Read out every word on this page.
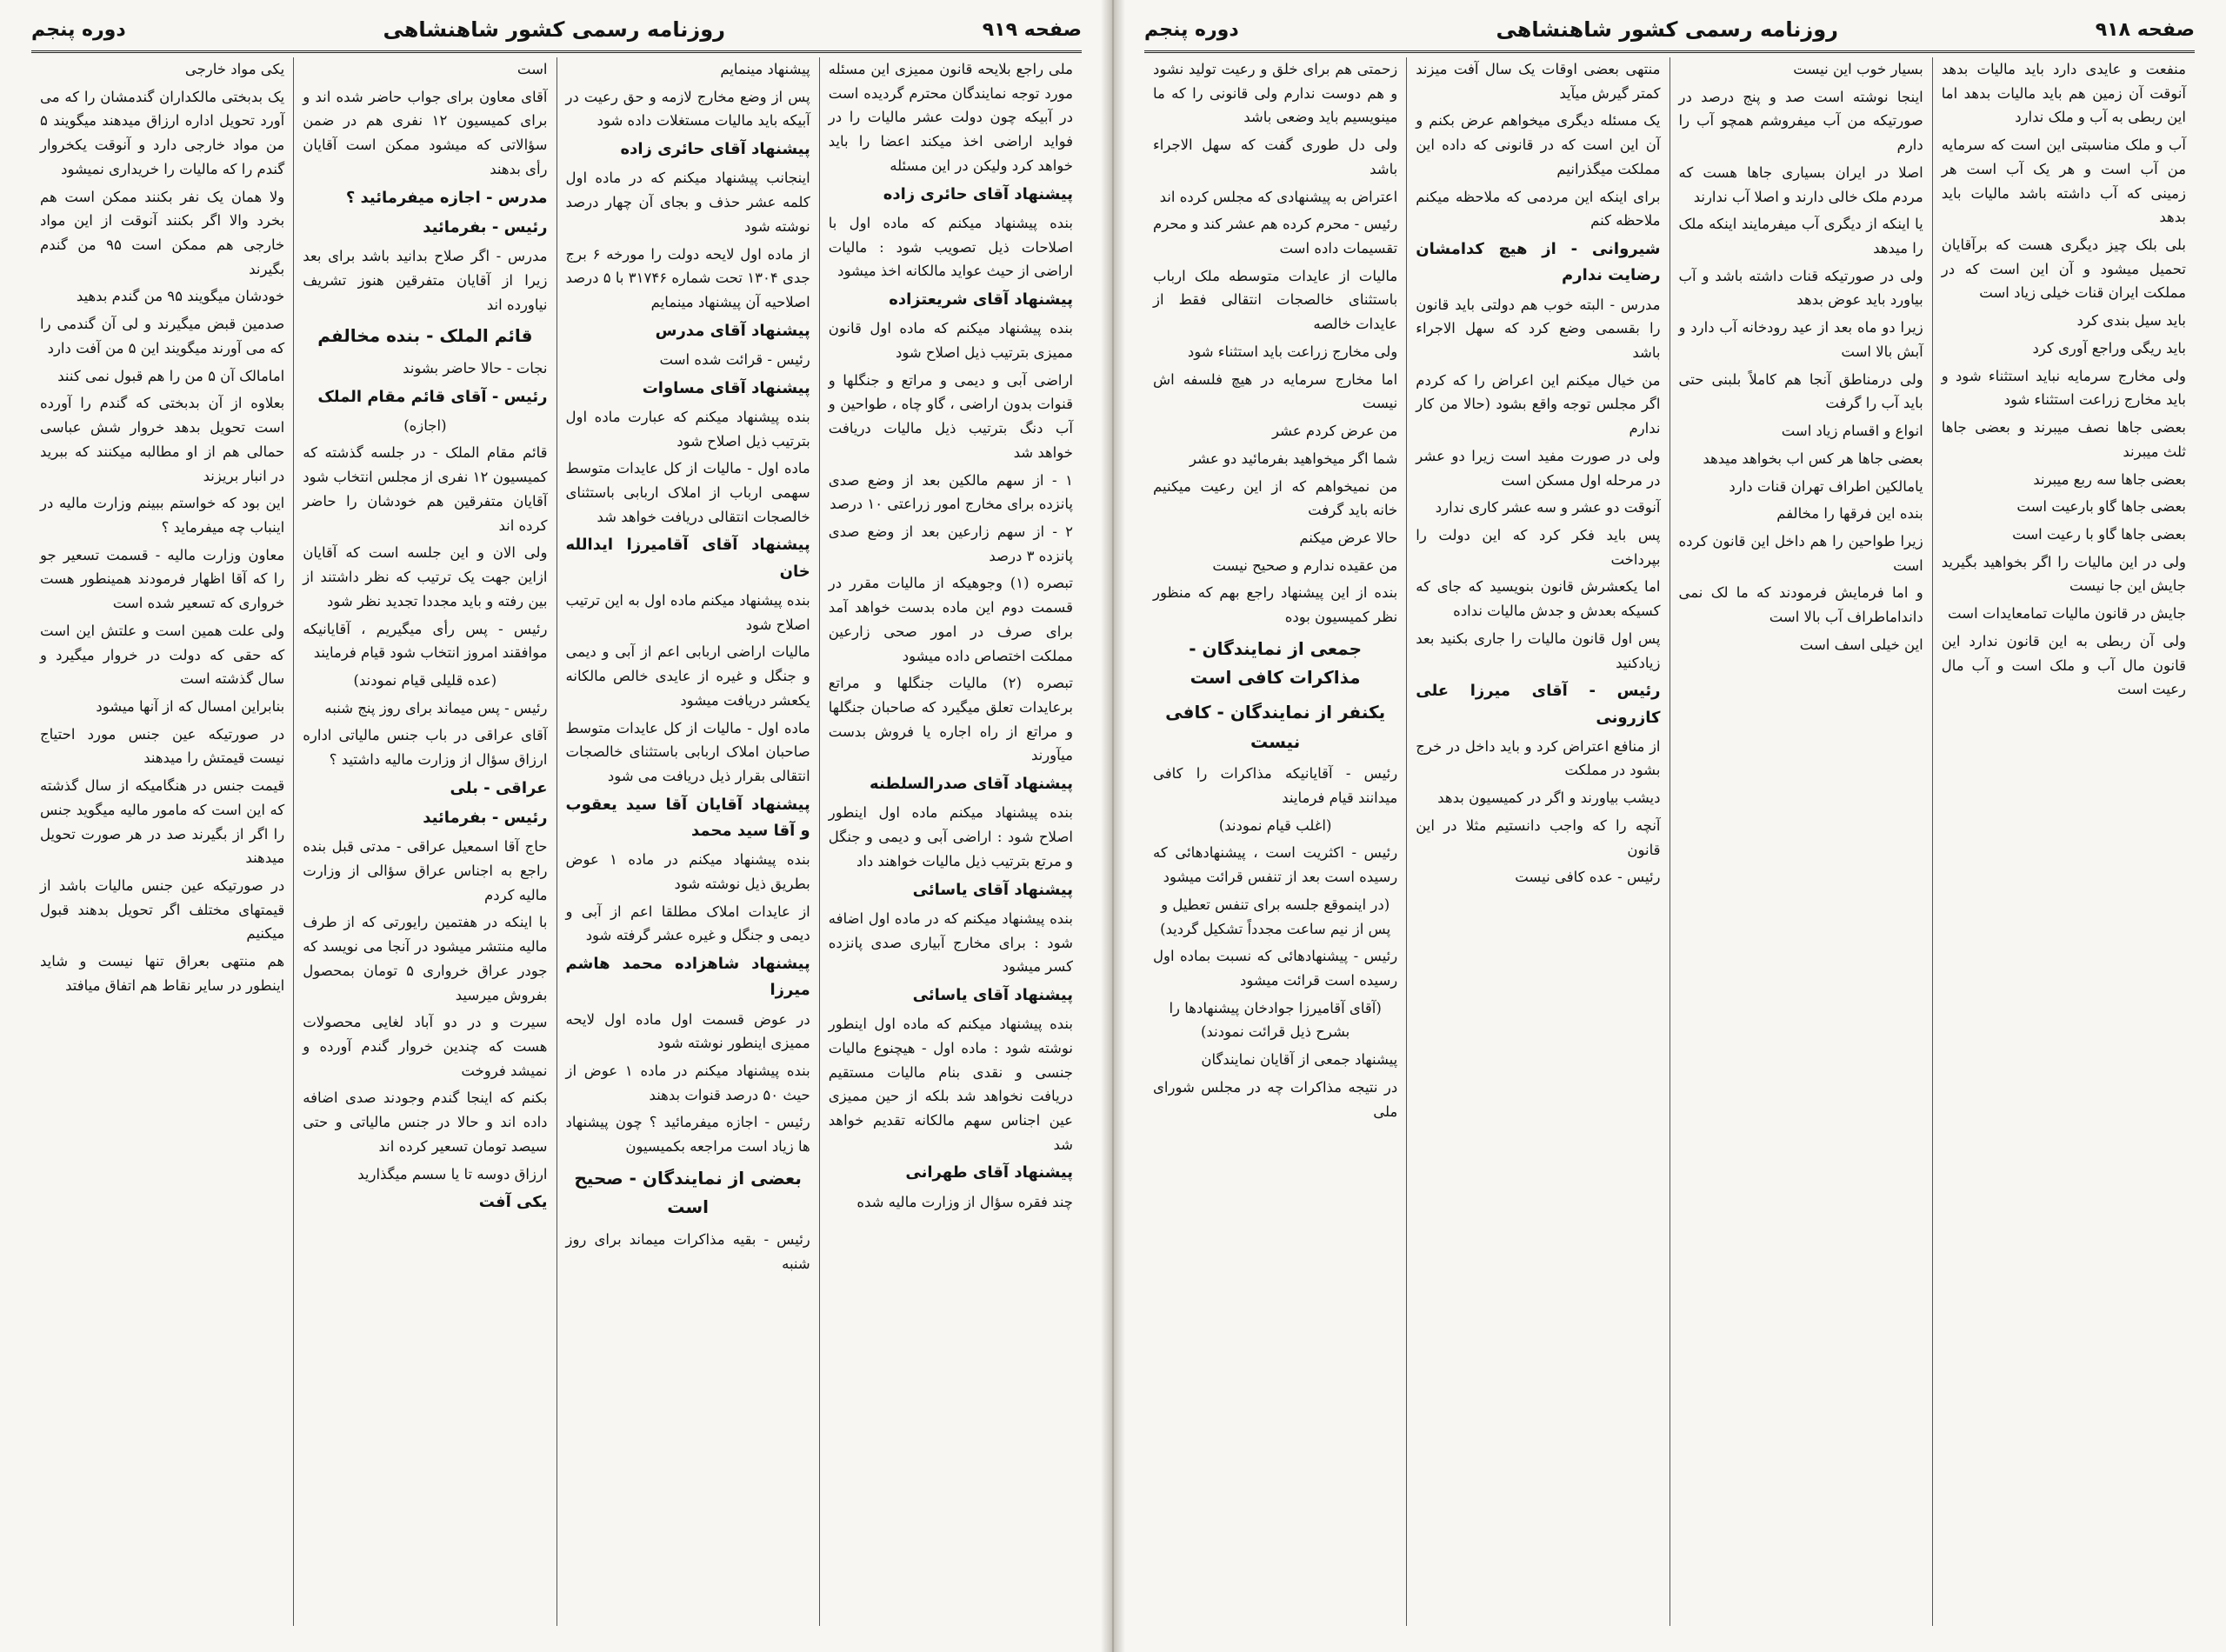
صفحه ۹۱۹
روزنامه رسمی کشور شاهنشاهی
دوره پنجم

ملی راجع بلایحه قانون ممیزی این مسئله مورد توجه نمایندگان محترم گردیده است در آبیکه چون دولت عشر مالیات را در فواید اراضی اخذ میکند اعضا را باید خواهد کرد ولیکن در این مسئله

پیشنهاد آقای حائری زاده

بنده پیشنهاد میکنم که ماده اول با اصلاحات ذیل تصویب شود : مالیات اراضی از حیث عواید مالکانه اخذ میشود

پیشنهاد آقای شریعتزاده

بنده پیشنهاد میکنم که ماده اول قانون ممیزی بترتیب ذیل اصلاح شود

اراضی آبی و دیمی و مراتع و جنگلها و قنوات بدون اراضی ، گاو چاه ، طواحین و آب دنگ بترتیب ذیل مالیات دریافت خواهد شد

۱ - از سهم مالکین بعد از وضع صدی پانزده برای مخارج امور زراعتی ۱۰ درصد

۲ - از سهم زارعین بعد از وضع صدی پانزده ۳ درصد

تبصره (۱) وجوهیکه از مالیات مقرر در قسمت دوم این ماده بدست خواهد آمد برای صرف در امور صحی زارعین مملکت اختصاص داده میشود

تبصره (۲) مالیات جنگلها و مراتع برعایدات تعلق میگیرد که صاحبان جنگلها و مراتع از راه اجاره یا فروش بدست میآورند

پیشنهاد آقای صدرالسلطنه

بنده پیشنهاد میکنم ماده اول اینطور اصلاح شود : اراضی آبی و دیمی و جنگل و مرتع بترتیب ذیل مالیات خواهند داد

پیشنهاد آقای یاسائی

بنده پیشنهاد میکنم که در ماده اول اضافه شود : برای مخارج آبیاری صدی پانزده کسر میشود

پیشنهاد آقای یاسائی

بنده پیشنهاد میکنم که ماده اول اینطور نوشته شود : ماده اول - هیچنوع مالیات جنسی و نقدی بنام مالیات مستقیم دریافت نخواهد شد بلکه از حین ممیزی عین اجناس سهم مالکانه تقدیم خواهد شد

پیشنهاد آقای طهرانی

چند فقره سؤال از وزارت مالیه شده

پیشنهاد مینمایم

پس از وضع مخارج لازمه و حق رعیت در آبیکه باید مالیات مستغلات داده شود

پیشنهاد آقای حائری زاده

اینجانب پیشنهاد میکنم که در ماده اول کلمه عشر حذف و بجای آن چهار درصد نوشته شود

از ماده اول لایحه دولت را مورخه ۶ برج جدی ۱۳۰۴ تحت شماره ۳۱۷۴۶ با ۵ درصد اصلاحیه آن پیشنهاد مینمایم

پیشنهاد آقای مدرس

رئیس - قرائت شده است

پیشنهاد آقای مساوات

بنده پیشنهاد میکنم که عبارت ماده اول بترتیب ذیل اصلاح شود

ماده اول - مالیات از کل عایدات متوسط سهمی ارباب از املاک اربابی باستثنای خالصجات انتقالی دریافت خواهد شد

پیشنهاد آقای آقامیرزا ایدالله خان

بنده پیشنهاد میکنم ماده اول به این ترتیب اصلاح شود

مالیات اراضی اربابی اعم از آبی و دیمی و جنگل و غیره از عایدی خالص مالکانه یکعشر دریافت میشود

ماده اول - مالیات از کل عایدات متوسط صاحبان املاک اربابی باستثنای خالصجات انتقالی بقرار ذیل دریافت می شود

پیشنهاد آقایان آقا سید یعقوب و آقا سید محمد

بنده پیشنهاد میکنم در ماده ۱ عوض بطریق ذیل نوشته شود

از عایدات املاک مطلقا اعم از آبی و دیمی و جنگل و غیره عشر گرفته شود

پیشنهاد شاهزاده محمد هاشم میرزا

در عوض قسمت اول ماده اول لایحه ممیزی اینطور نوشته شود

بنده پیشنهاد میکنم در ماده ۱ عوض از حیث ۵۰ درصد قنوات بدهند

رئیس - اجازه میفرمائید ؟ چون پیشنهاد ها زیاد است مراجعه بکمیسیون

بعضی از نمایندگان - صحیح است

رئیس - بقیه مذاکرات میماند برای روز شنبه

است

آقای معاون برای جواب حاضر شده اند و برای کمیسیون ۱۲ نفری هم در ضمن سؤالاتی که میشود ممکن است آقایان رأی بدهند

مدرس - اجازه میفرمائید ؟

رئیس - بفرمائید

مدرس - اگر صلاح بدانید باشد برای بعد زیرا از آقایان متفرقین هنوز تشریف نیاورده اند

قائم الملک - بنده مخالفم

نجات - حالا حاضر بشوند

رئیس - آقای قائم مقام الملک

(اجازه)

قائم مقام الملک - در جلسه گذشته که کمیسیون ۱۲ نفری از مجلس انتخاب شود آقایان متفرقین هم خودشان را حاضر کرده اند

ولی الان و این جلسه است که آقایان ازاین جهت یک ترتیب که نظر داشتند از بین رفته و باید مجددا تجدید نظر شود

رئیس - پس رأی میگیریم ، آقایانیکه موافقند امروز انتخاب شود قیام فرمایند

(عده قلیلی قیام نمودند)

رئیس - پس میماند برای روز پنج شنبه

آقای عراقی در باب جنس مالیاتی اداره ارزاق سؤال از وزارت مالیه داشتید ؟

عراقی - بلی

رئیس - بفرمائید

حاج آقا اسمعیل عراقی - مدتی قبل بنده راجع به اجناس عراق سؤالی از وزارت مالیه کردم

با اینکه در هفتمین رایورتی که از طرف مالیه منتشر میشود در آنجا می نویسد که جودر عراق خرواری ۵ تومان بمحصول بفروش میرسید

سیرت و در دو آباد لغایی محصولات هست که چندین خروار گندم آورده و نمیشد فروخت

بکنم که اینجا گندم وجودند صدی اضافه داده اند و حالا در جنس مالیاتی و حتی سیصد تومان تسعیر کرده اند

ارزاق دوسه تا یا سسم میگذارید

یکی آفت

یکی مواد خارجی

یک بدبختی مالکداران گندمشان را که می آورد تحویل اداره ارزاق میدهند میگویند ۵ من مواد خارجی دارد و آنوقت یکخروار گندم را که مالیات را خریداری نمیشود

ولا همان یک نفر بکنند ممکن است هم بخرد والا اگر بکنند آنوقت از این مواد خارجی هم ممکن است ۹۵ من گندم بگیرند

خودشان میگویند ۹۵ من گندم بدهید

صدمین قبض میگیرند و لی آن گندمی را که می آورند میگویند این ۵ من آفت دارد

امامالک آن ۵ من را هم قبول نمی کنند

بعلاوه از آن بدبختی که گندم را آورده است تحویل بدهد خروار شش عباسی حمالی هم از او مطالبه میکنند که ببرید در انبار بریزند

این بود که خواستم ببینم وزارت مالیه در اینباب چه میفرماید ؟

معاون وزارت مالیه - قسمت تسعیر جو را که آقا اظهار فرمودند همینطور هست خرواری که تسعیر شده است

ولی علت همین است و علتش این است که حقی که دولت در خروار میگیرد و سال گذشته است

بنابراین امسال که از آنها میشود

در صورتیکه عین جنس مورد احتیاج نیست قیمتش را میدهند

قیمت جنس در هنگامیکه از سال گذشته که این است که مامور مالیه میگوید جنس را اگر از بگیرند صد در هر صورت تحویل میدهند

در صورتیکه عین جنس مالیات باشد از قیمتهای مختلف اگر تحویل بدهند قبول میکنیم

هم منتهی بعراق تنها نیست و شاید اینطور در سایر نقاط هم اتفاق میافتد

صفحه ۹۱۸
روزنامه رسمی کشور شاهنشاهی
دوره پنجم

منفعت و عایدی دارد باید مالیات بدهد آنوقت آن زمین هم باید مالیات بدهد اما این ربطی به آب و ملک ندارد

آب و ملک مناسبتی این است که سرمایه من آب است و هر یک آب است هر زمینی که آب داشته باشد مالیات باید بدهد

بلی بلک چیز دیگری هست که برآقایان تحمیل میشود و آن این است که در مملکت ایران قنات خیلی زیاد است

باید سیل بندی کرد

باید ریگی وراجع آوری کرد

ولی مخارج سرمایه نباید استثناء شود و باید مخارج زراعت استثناء شود

بعضی جاها نصف میبرند و بعضی جاها ثلث میبرند

بعضی جاها سه ربع میبرند

بعضی جاها گاو بارعیت است

بعضی جاها گاو با رعیت است

ولی در این مالیات را اگر بخواهید بگیرید جایش این جا نیست

جایش در قانون مالیات تمامعایدات است

ولی آن ربطی به این قانون ندارد این قانون مال آب و ملک است و آب مال رعیت است

بسیار خوب این نیست

اینجا نوشته است صد و پنج درصد در صورتیکه من آب میفروشم همچو آب را دارم

اصلا در ایران بسیاری جاها هست که مردم ملک خالی دارند و اصلا آب ندارند

یا اینکه از دیگری آب میفرمایند اینکه ملک را میدهد

ولی در صورتیکه قنات داشته باشد و آب بیاورد باید عوض بدهد

زیرا دو ماه بعد از عید رودخانه آب دارد و آبش بالا است

ولی درمناطق آنجا هم کاملاً بلبنی حتی باید آب را گرفت

انواع و اقسام زیاد است

بعضی جاها هر کس اب بخواهد میدهد

یامالکین اطراف تهران قنات دارد

بنده این فرقها را مخالفم

زیرا طواحین را هم داخل این قانون کرده است

و اما فرمایش فرمودند که ما لک نمی دانداماطراف آب بالا است

این خیلی اسف است

منتهی بعضی اوقات یک سال آفت میزند کمتر گیرش میآید

یک مسئله دیگری میخواهم عرض بکنم و آن این است که در قانونی که داده این مملکت میگذرانیم

برای اینکه این مردمی که ملاحظه میکنم ملاحظه کنم

شیروانی - از هیچ کدامشان رضایت ندارم

مدرس - البته خوب هم دولتی باید قانون را بقسمی وضع کرد که سهل الاجراء باشد

من خیال میکنم این اعراض را که کردم اگر مجلس توجه واقع بشود (حالا من کار ندارم

ولی در صورت مفید است زیرا دو عشر در مرحله اول مسکن است

آنوقت دو عشر و سه عشر کاری ندارد

پس باید فکر کرد که این دولت را بپرداخت

اما یکعشرش قانون بنویسید که جای که کسیکه بعدش و جدش مالیات نداده

پس اول قانون مالیات را جاری بکنید بعد زیادکنید

رئیس - آقای میرزا علی کازرونی

از منافع اعتراض کرد و باید داخل در خرج بشود در مملکت

دیشب بیاورند و اگر در کمیسیون بدهد

آنچه را که واجب دانستیم مثلا در این قانون

رئیس - عده کافی نیست

زحمتی هم برای خلق و رعیت تولید نشود و هم دوست ندارم ولی قانونی را که ما مینویسیم باید وضعی باشد

ولی دل طوری گفت که سهل الاجراء باشد

اعتراض به پیشنهادی که مجلس کرده اند

رئیس - محرم کرده هم عشر کند و محرم تقسیمات داده است

مالیات از عایدات متوسطه ملک ارباب باستثنای خالصجات انتقالی فقط از عایدات خالصه

ولی مخارج زراعت باید استثناء شود

اما مخارج سرمایه در هیچ فلسفه اش نیست

من عرض کردم عشر

شما اگر میخواهید بفرمائید دو عشر

من نمیخواهم که از این رعیت میکنیم خانه باید گرفت

حالا عرض میکنم

من عقیده ندارم و صحیح نیست

بنده از این پیشنهاد راجع بهم که منظور نظر کمیسیون بوده

جمعی از نمایندگان - مذاکرات کافی است

یکنفر از نمایندگان - کافی نیست

رئیس - آقایانیکه مذاکرات را کافی میدانند قیام فرمایند

(اغلب قیام نمودند)

رئیس - اکثریت است ، پیشنهادهائی که رسیده است بعد از تنفس قرائت میشود

(در اینموقع جلسه برای تنفس تعطیل و پس از نیم ساعت مجدداً تشکیل گردید)

رئیس - پیشنهادهائی که نسبت بماده اول رسیده است قرائت میشود

(آقای آقامیرزا جوادخان پیشنهادها را بشرح ذیل قرائت نمودند)

پیشنهاد جمعی از آقایان نمایندگان

در نتیجه مذاکرات چه در مجلس شورای ملی
